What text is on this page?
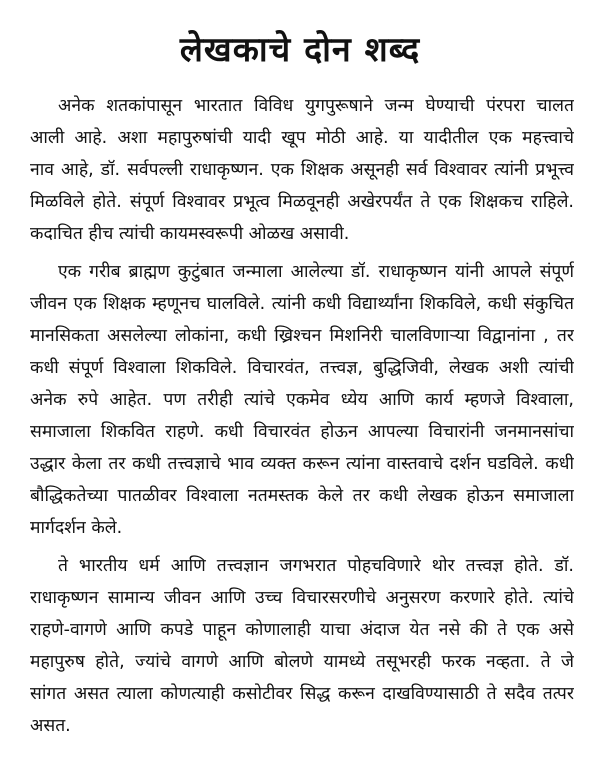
लेखकाचे दोन शब्द
अनेक शतकांपासून भारतात विविध युगपुरूषाने जन्म घेण्याची पंरपरा चालत
आली आहे. अशा महापुरुषांची यादी खूप मोठी आहे. या यादीतील एक महत्त्वाचे
नाव आहे, डॉ. सर्वपल्ली राधाकृष्णन. एक शिक्षक असूनही सर्व विश्वावर त्यांनी प्रभूत्त्व
मिळविले होते. संपूर्ण विश्वावर प्रभूत्व मिळवूनही अखेरपर्यंत ते एक शिक्षकच राहिले.
कदाचित हीच त्यांची कायमस्वरूपी ओळख असावी.
एक गरीब ब्राह्मण कुटुंबात जन्माला आलेल्या डॉ. राधाकृष्णन यांनी आपले संपूर्ण
जीवन एक शिक्षक म्हणूनच घालविले. त्यांनी कधी विद्यार्थ्यांना शिकविले, कधी संकुचित
मानसिकता असलेल्या लोकांना, कधी ख्रिश्चन मिशनिरी चालविणाऱ्या विद्वानांना , तर
कधी संपूर्ण विश्वाला शिकविले. विचारवंत, तत्त्वज्ञ, बुद्धिजिवी, लेखक अशी त्यांची
अनेक रुपे आहेत. पण तरीही त्यांचे एकमेव ध्येय आणि कार्य म्हणजे विश्वाला,
समाजाला शिकवित राहणे. कधी विचारवंत होऊन आपल्या विचारांनी जनमानसांचा
उद्धार केला तर कधी तत्त्वज्ञाचे भाव व्यक्त करून त्यांना वास्तवाचे दर्शन घडविले. कधी
बौद्धिकतेच्या पातळीवर विश्वाला नतमस्तक केले तर कधी लेखक होऊन समाजाला
मार्गदर्शन केले.
ते भारतीय धर्म आणि तत्त्वज्ञान जगभरात पोहचविणारे थोर तत्त्वज्ञ होते. डॉ.
राधाकृष्णन सामान्य जीवन आणि उच्च विचारसरणीचे अनुसरण करणारे होते. त्यांचे
राहणे-वागणे आणि कपडे पाहून कोणालाही याचा अंदाज येत नसे की ते एक असे
महापुरुष होते, ज्यांचे वागणे आणि बोलणे यामध्ये तसूभरही फरक नव्हता. ते जे
सांगत असत त्याला कोणत्याही कसोटीवर सिद्ध करून दाखविण्यासाठी ते सदैव तत्पर
असत.
